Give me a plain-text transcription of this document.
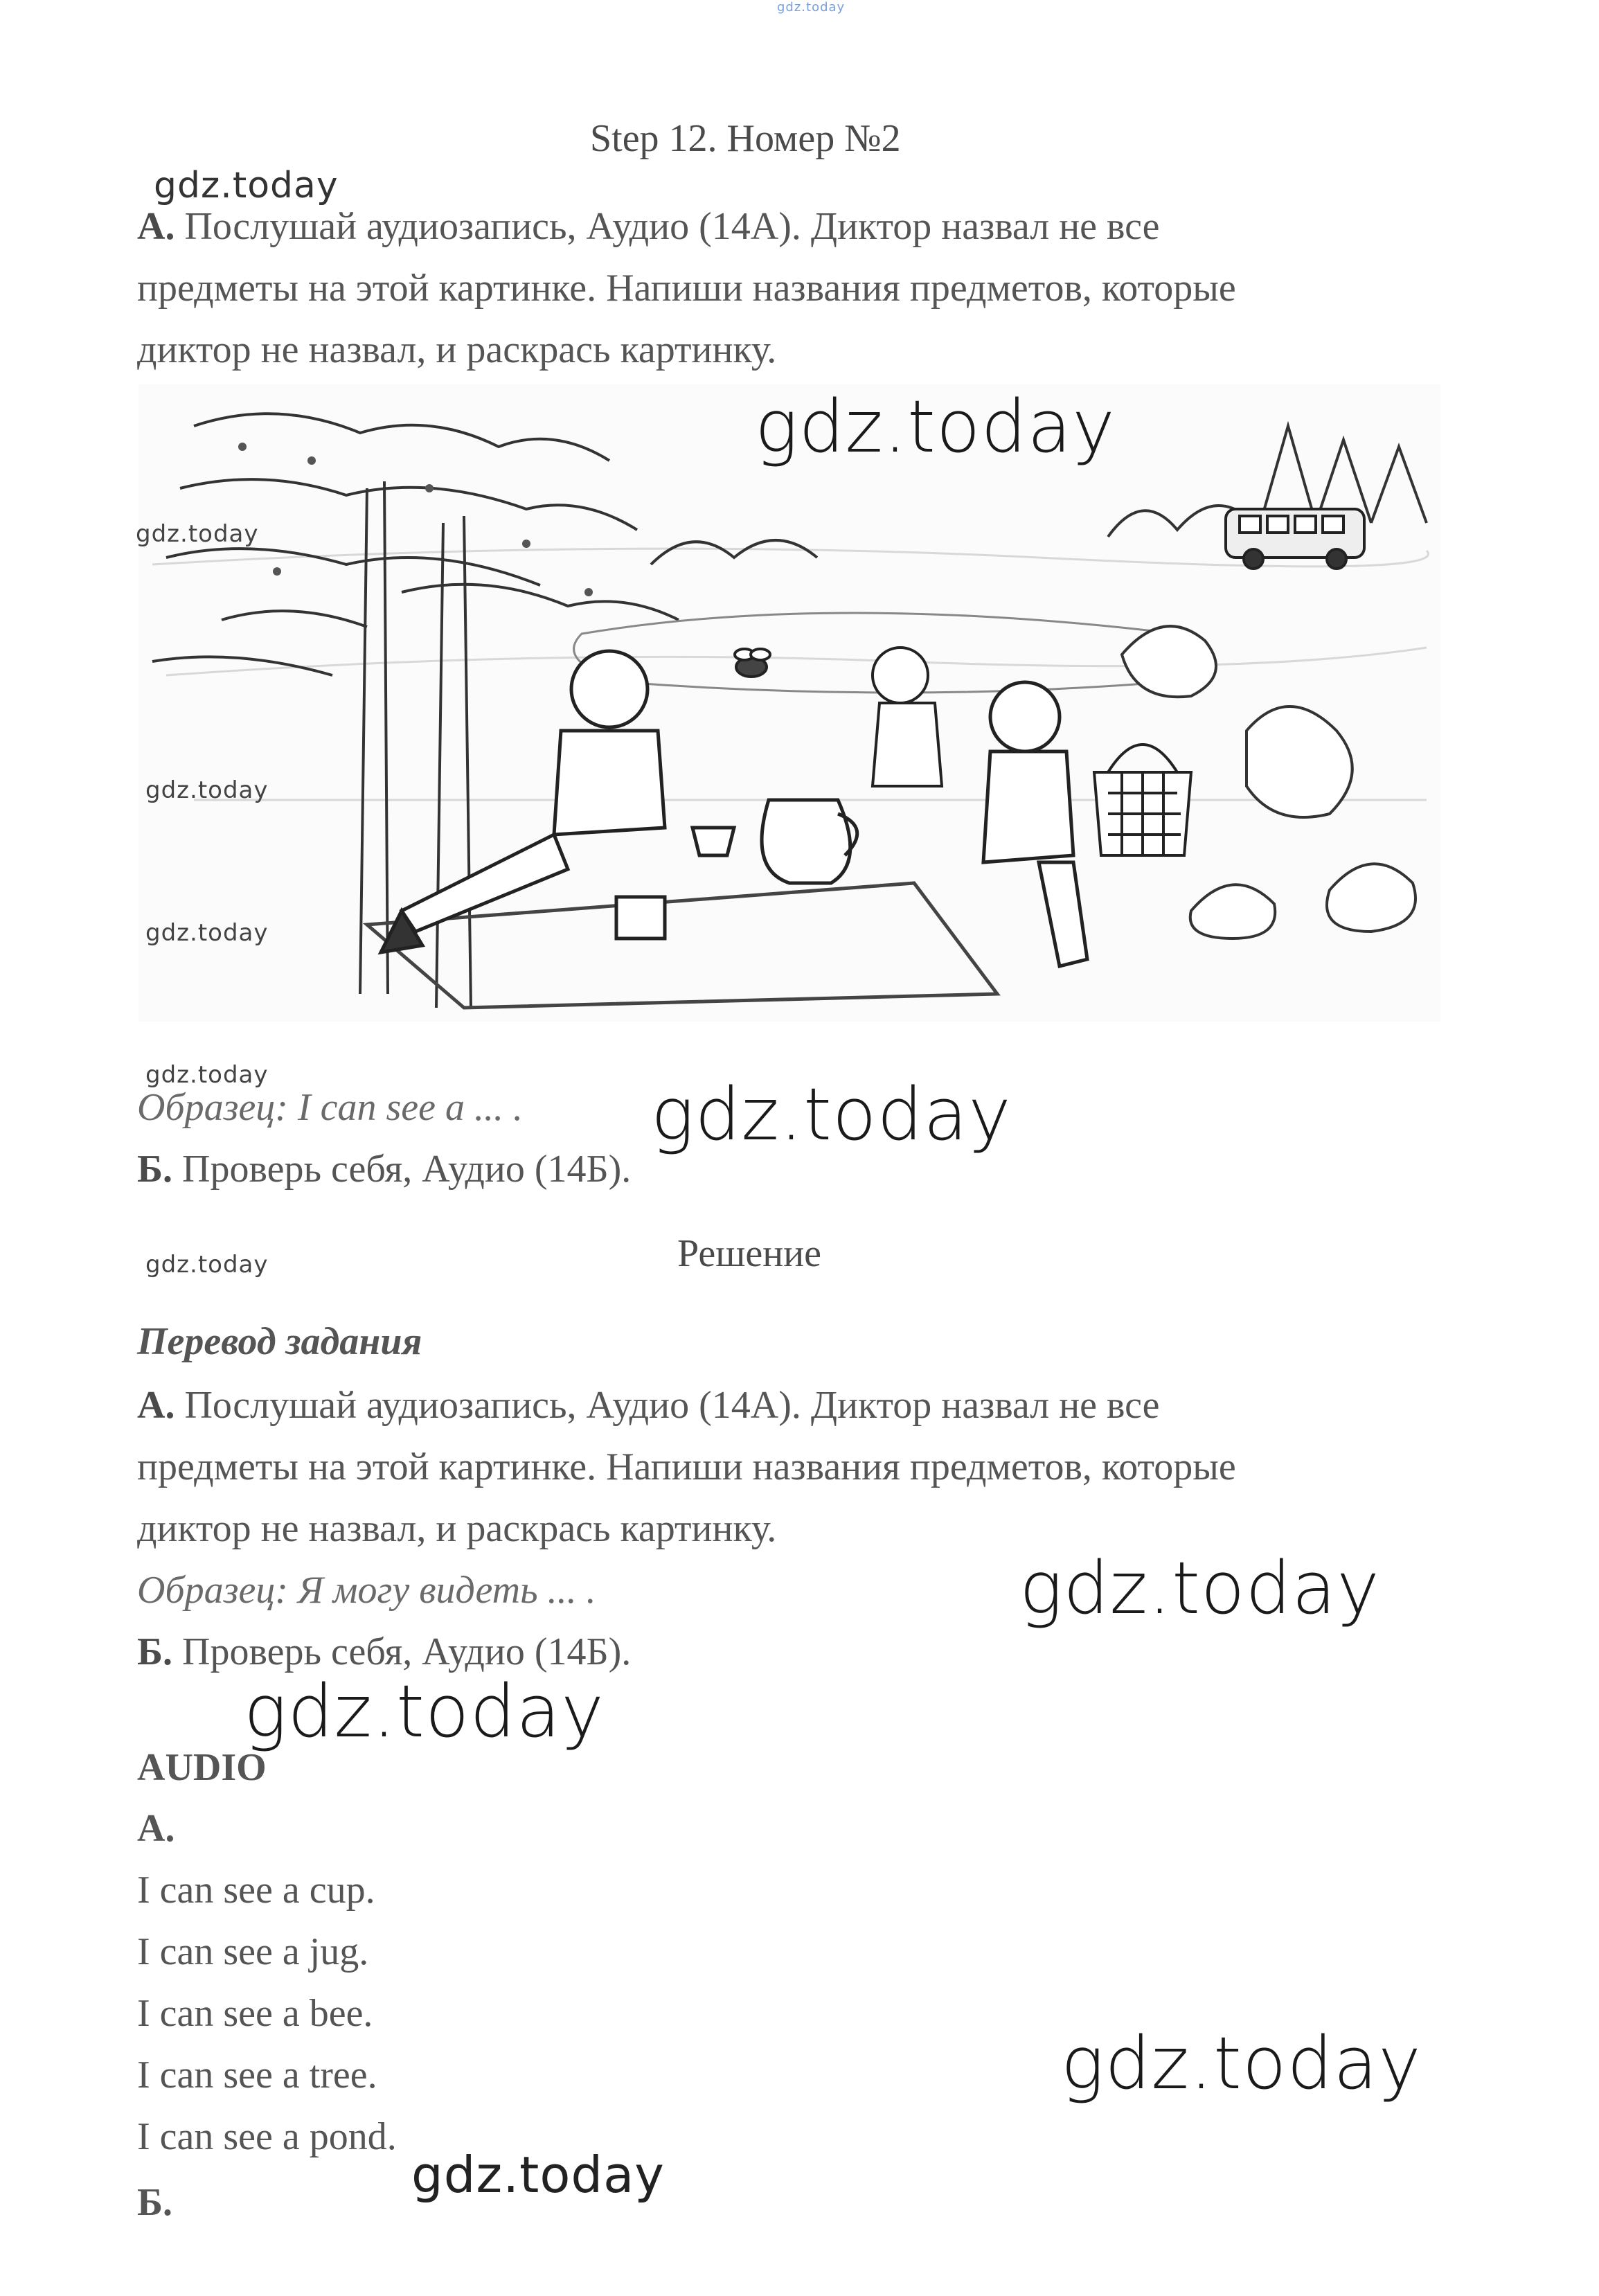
gdz.today
Step 12. Номер №2
gdz.today
А. Послушай аудиозапись, Аудио (14А). Диктор назвал не все
предметы на этой картинке. Напиши названия предметов, которые
диктор не назвал, и раскрась картинку.
gdz.today
gdz.today
gdz.today
gdz.today
gdz.today
Образец: I can see a ... . gdz.today
Б. Проверь себя, Аудио (14Б).
gdz.today	Решение
Перевод задания
А. Послушай аудиозапись, Аудио (14А). Диктор назвал не все
предметы на этой картинке. Напиши названия предметов, которые
диктор не назвал, и раскрась картинку.
Образец: Я могу видеть ... .	gdz.today
Б. Проверь себя, Аудио (14Б).
gdz.today
AUDIO
А.
I can see a cup.
I can see a jug.
I can see a bee.
I can see a tree.
I can see a pond.
gdz.today
gdz.today
Б.
